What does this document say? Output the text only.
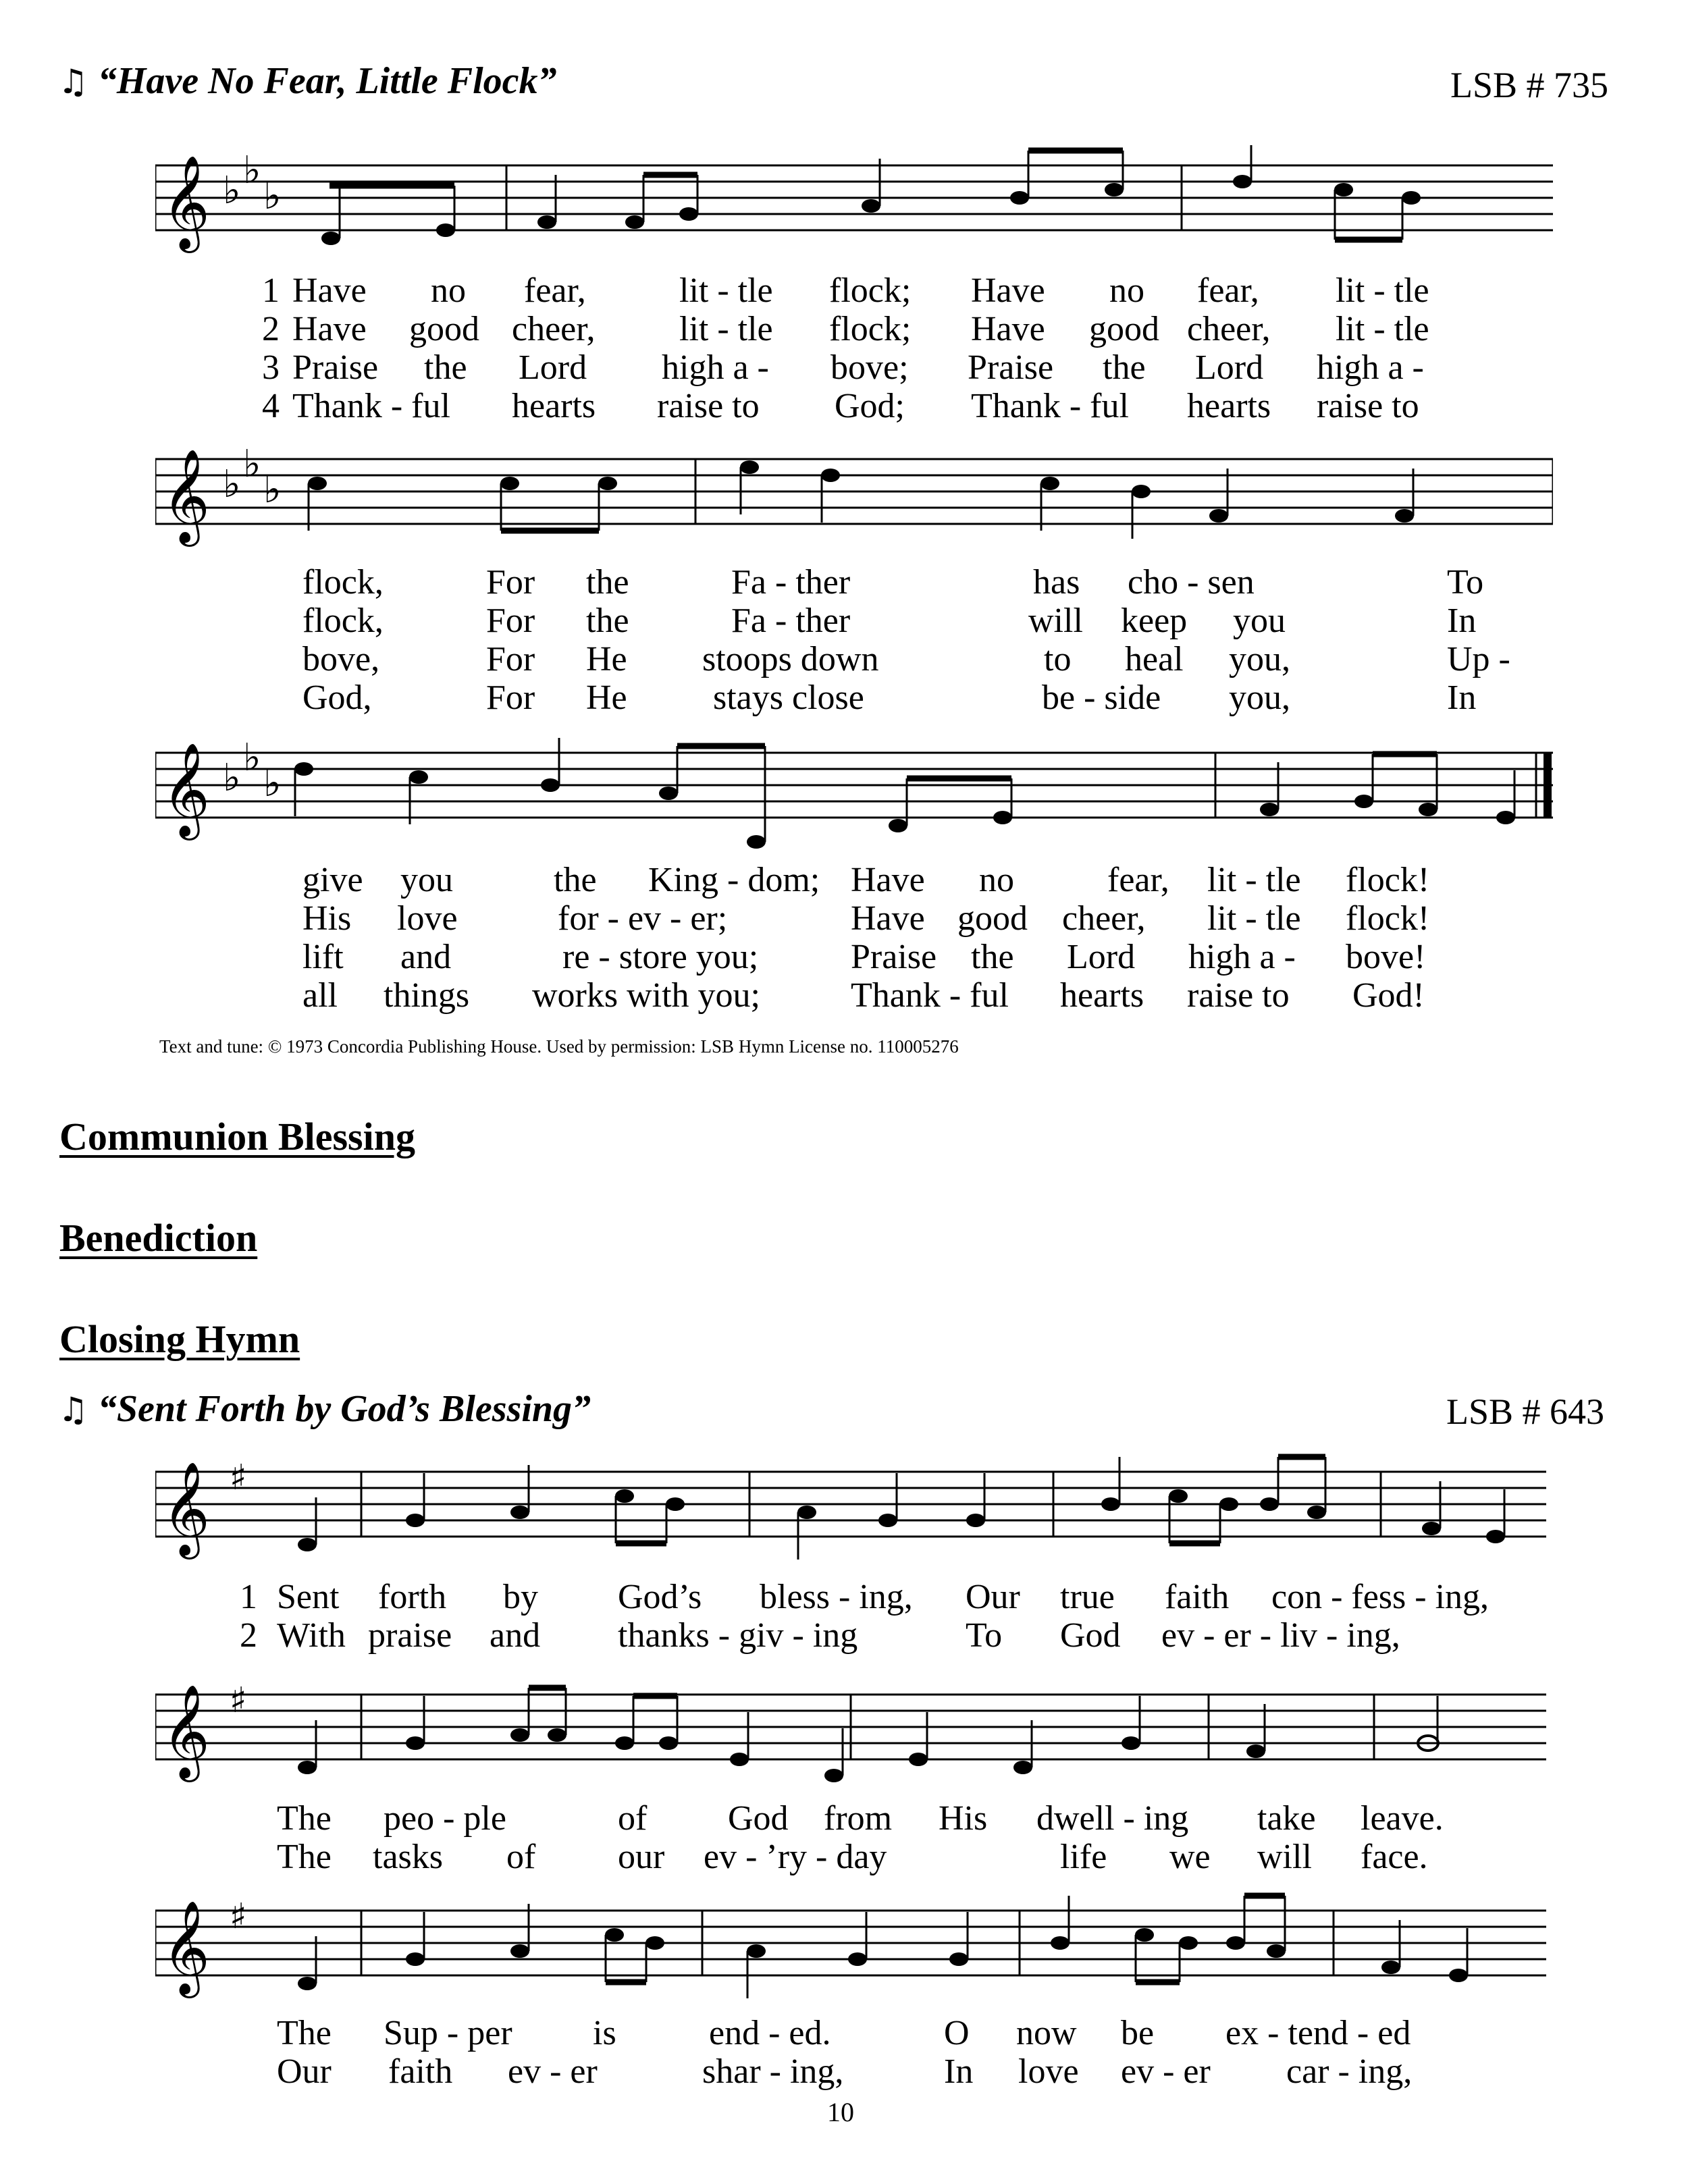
♫ “Have No Fear, Little Flock”	LSB # 735
𝄞 ♭ ♭
♭
1 Have no fear,	lit - tle flock; Have no fear, lit - tle
2 Have good cheer, lit - tle flock; Have good cheer, lit - tle
3 Praise the Lord high a - bove; Praise the Lord high a -
4 Thank - ful hearts raise to God; Thank - ful hearts raise to
𝄞 ♭ ♭
♭
flock,	For the	Fa - ther	has cho - sen	To
flock,	For the	Fa - ther	will keep you	In
bove,	For He stoops down	to heal you,	Up -
God,	For He stays close	be - side you,	In
𝄞 ♭ ♭
♭
give you	the King - dom; Have no	fear, lit - tle flock!
His love	for - ev - er;	Have good cheer, lit - tle flock!
lift and	re - store you;	Praise the Lord high a - bove!
all things works with you;	Thank - ful hearts raise to God!
Text and tune: © 1973 Concordia Publishing House. Used by permission: LSB Hymn License no. 110005276
Communion Blessing
Benediction
Closing Hymn
♫ “Sent Forth by God’s Blessing”	LSB # 643
𝄞 ♯
1 Sent forth by God’s bless - ing, Our true faith con - fess - ing,
2 With praise and thanks - giv - ing	To God ev - er - liv - ing,
𝄞 ♯
The peo - ple	of God from His dwell - ing take leave.
The tasks of our ev - ’ry - day	life we will face.
𝄞 ♯
The Sup - per is	end - ed.	O now be ex - tend - ed
Our faith ev - er	shar - ing,	In love ev - er car - ing,
10
